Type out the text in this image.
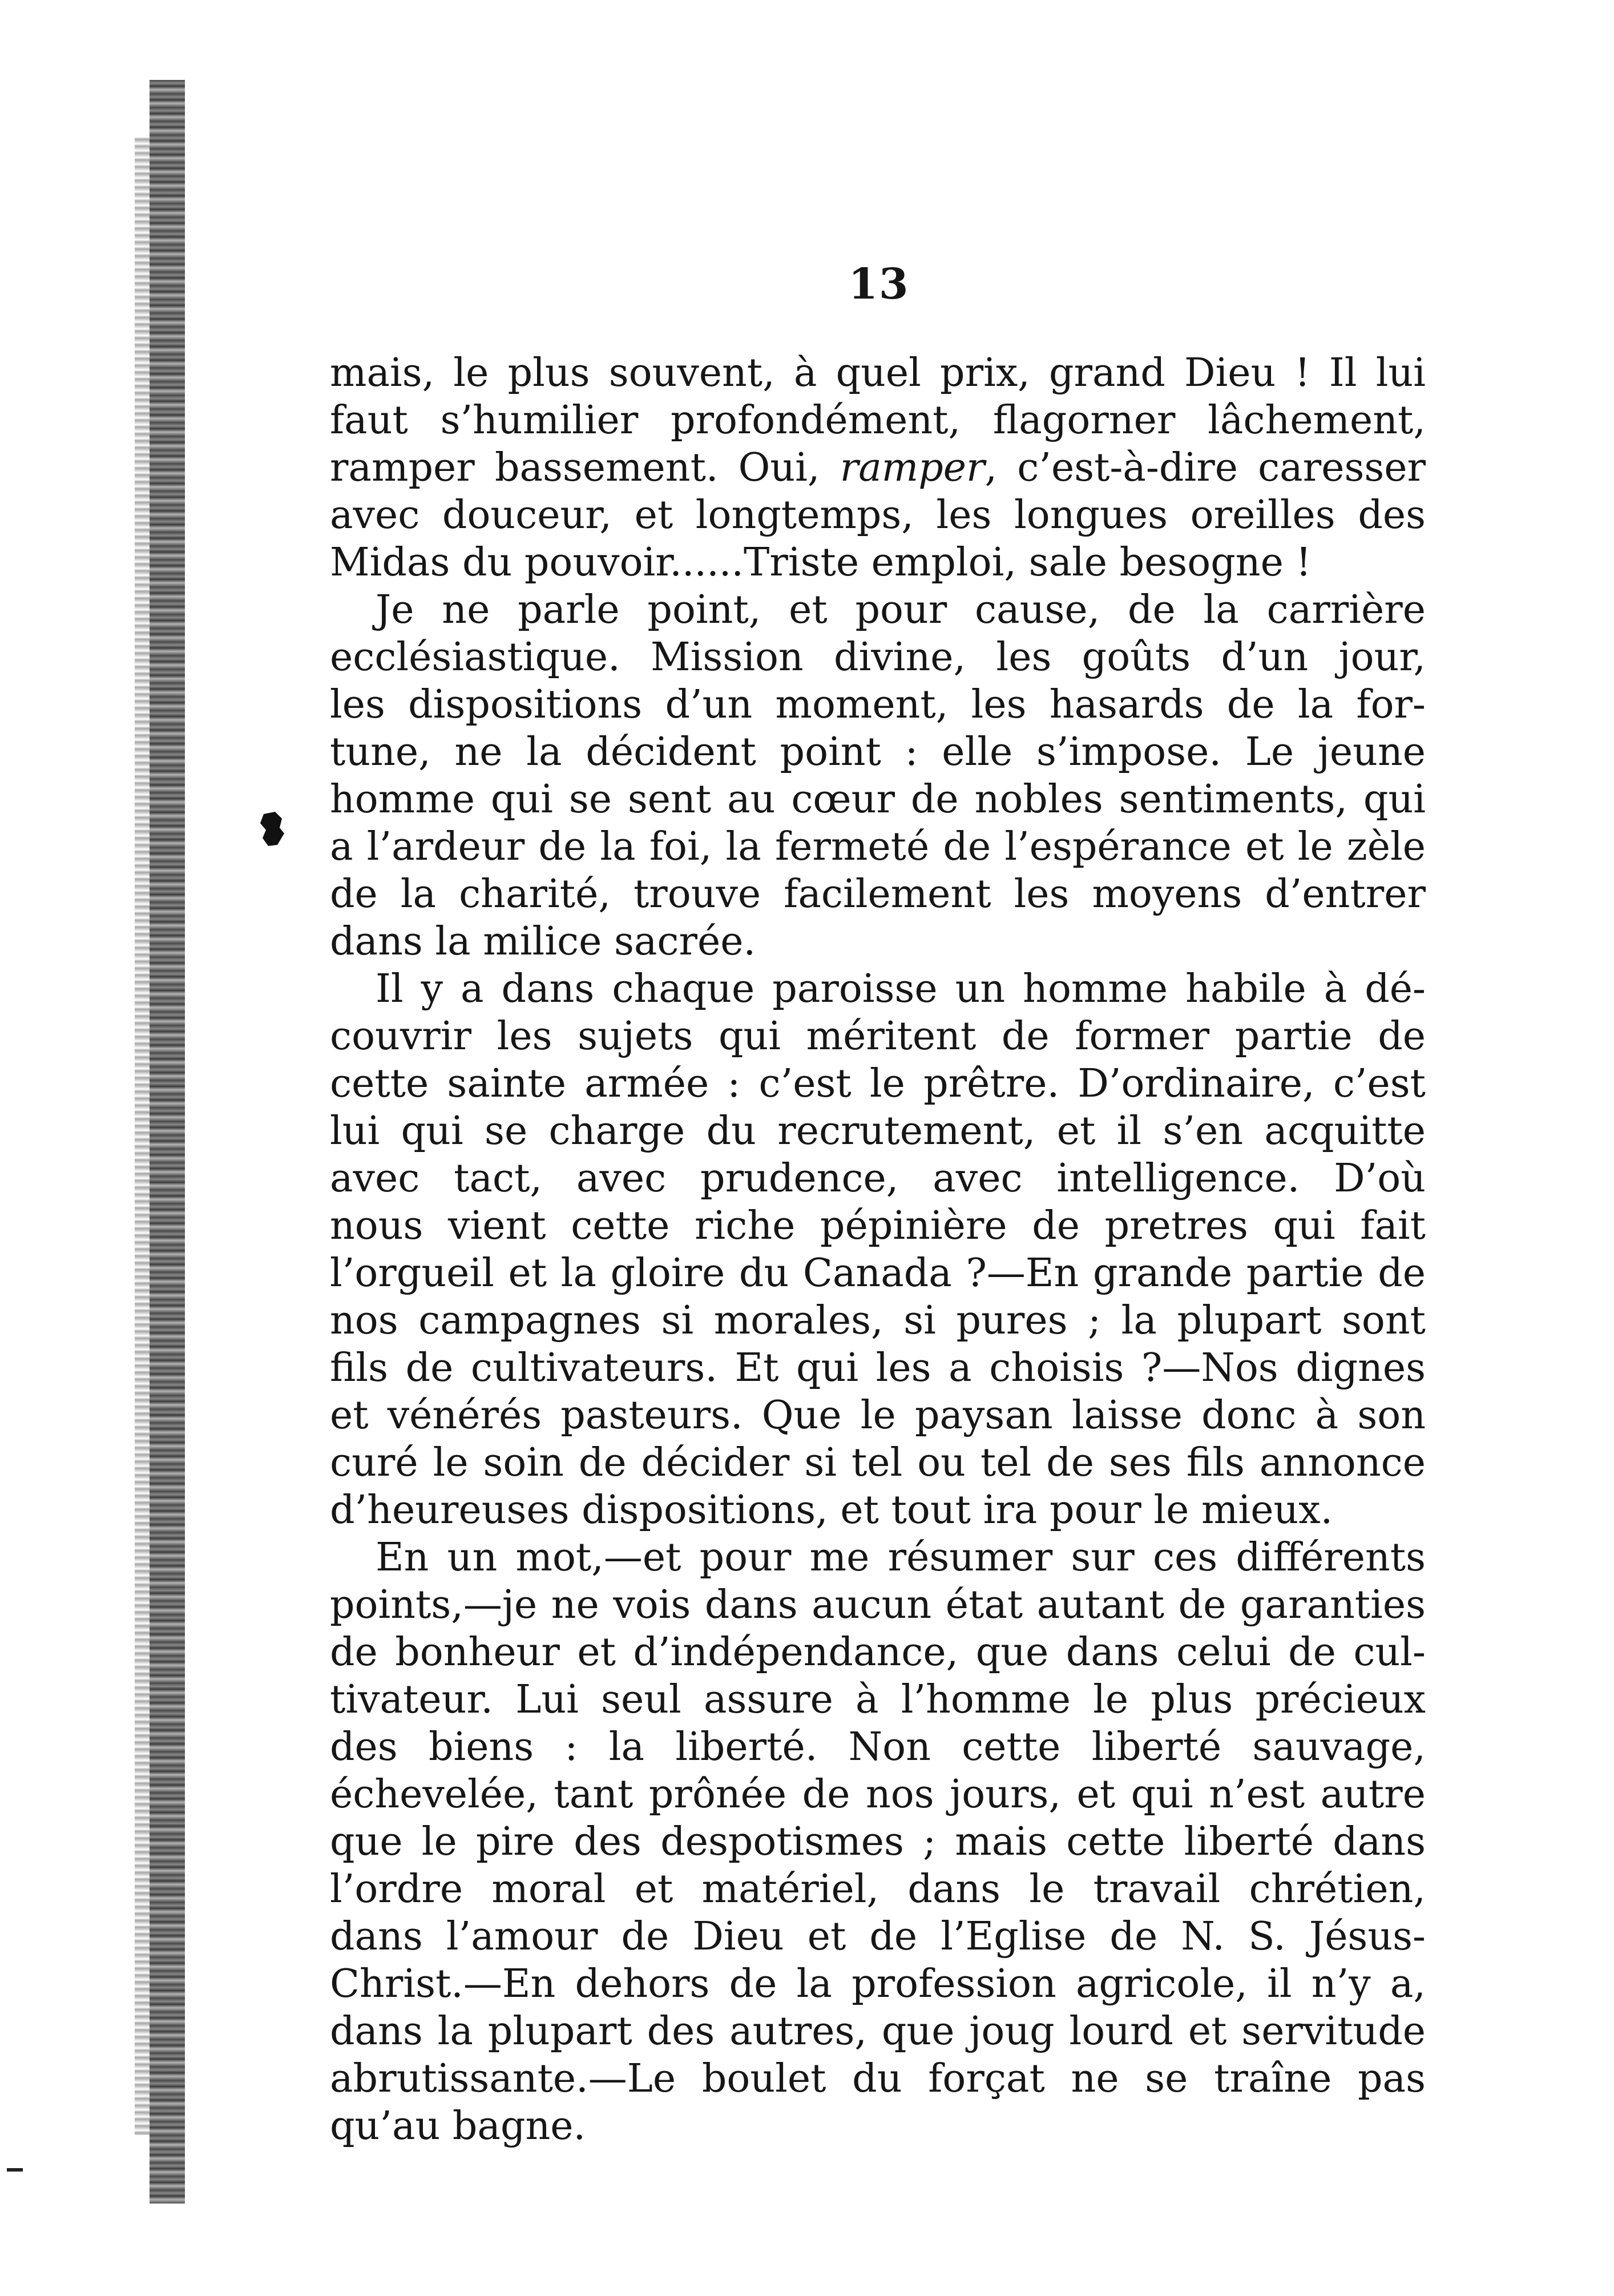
13
mais, le plus souvent, à quel prix, grand Dieu ! Il lui
faut s’humilier profondément, flagorner lâchement,
ramper bassement. Oui, ramper, c’est-à-dire caresser
avec douceur, et longtemps, les longues oreilles des
Midas du pouvoir......Triste emploi, sale besogne !
Je ne parle point, et pour cause, de la carrière
ecclésiastique. Mission divine, les goûts d’un jour,
les dispositions d’un moment, les hasards de la for-
tune, ne la décident point : elle s’impose. Le jeune
homme qui se sent au cœur de nobles sentiments, qui
a l’ardeur de la foi, la fermeté de l’espérance et le zèle
de la charité, trouve facilement les moyens d’entrer
dans la milice sacrée.
Il y a dans chaque paroisse un homme habile à dé-
couvrir les sujets qui méritent de former partie de
cette sainte armée : c’est le prêtre. D’ordinaire, c’est
lui qui se charge du recrutement, et il s’en acquitte
avec tact, avec prudence, avec intelligence. D’où
nous vient cette riche pépinière de pretres qui fait
l’orgueil et la gloire du Canada ?—En grande partie de
nos campagnes si morales, si pures ; la plupart sont
fils de cultivateurs. Et qui les a choisis ?—Nos dignes
et vénérés pasteurs. Que le paysan laisse donc à son
curé le soin de décider si tel ou tel de ses fils annonce
d’heureuses dispositions, et tout ira pour le mieux.
En un mot,—et pour me résumer sur ces différents
points,—je ne vois dans aucun état autant de garanties
de bonheur et d’indépendance, que dans celui de cul-
tivateur. Lui seul assure à l’homme le plus précieux
des biens : la liberté. Non cette liberté sauvage,
échevelée, tant prônée de nos jours, et qui n’est autre
que le pire des despotismes ; mais cette liberté dans
l’ordre moral et matériel, dans le travail chrétien,
dans l’amour de Dieu et de l’Eglise de N. S. Jésus-
Christ.—En dehors de la profession agricole, il n’y a,
dans la plupart des autres, que joug lourd et servitude
abrutissante.—Le boulet du forçat ne se traîne pas
qu’au bagne.
